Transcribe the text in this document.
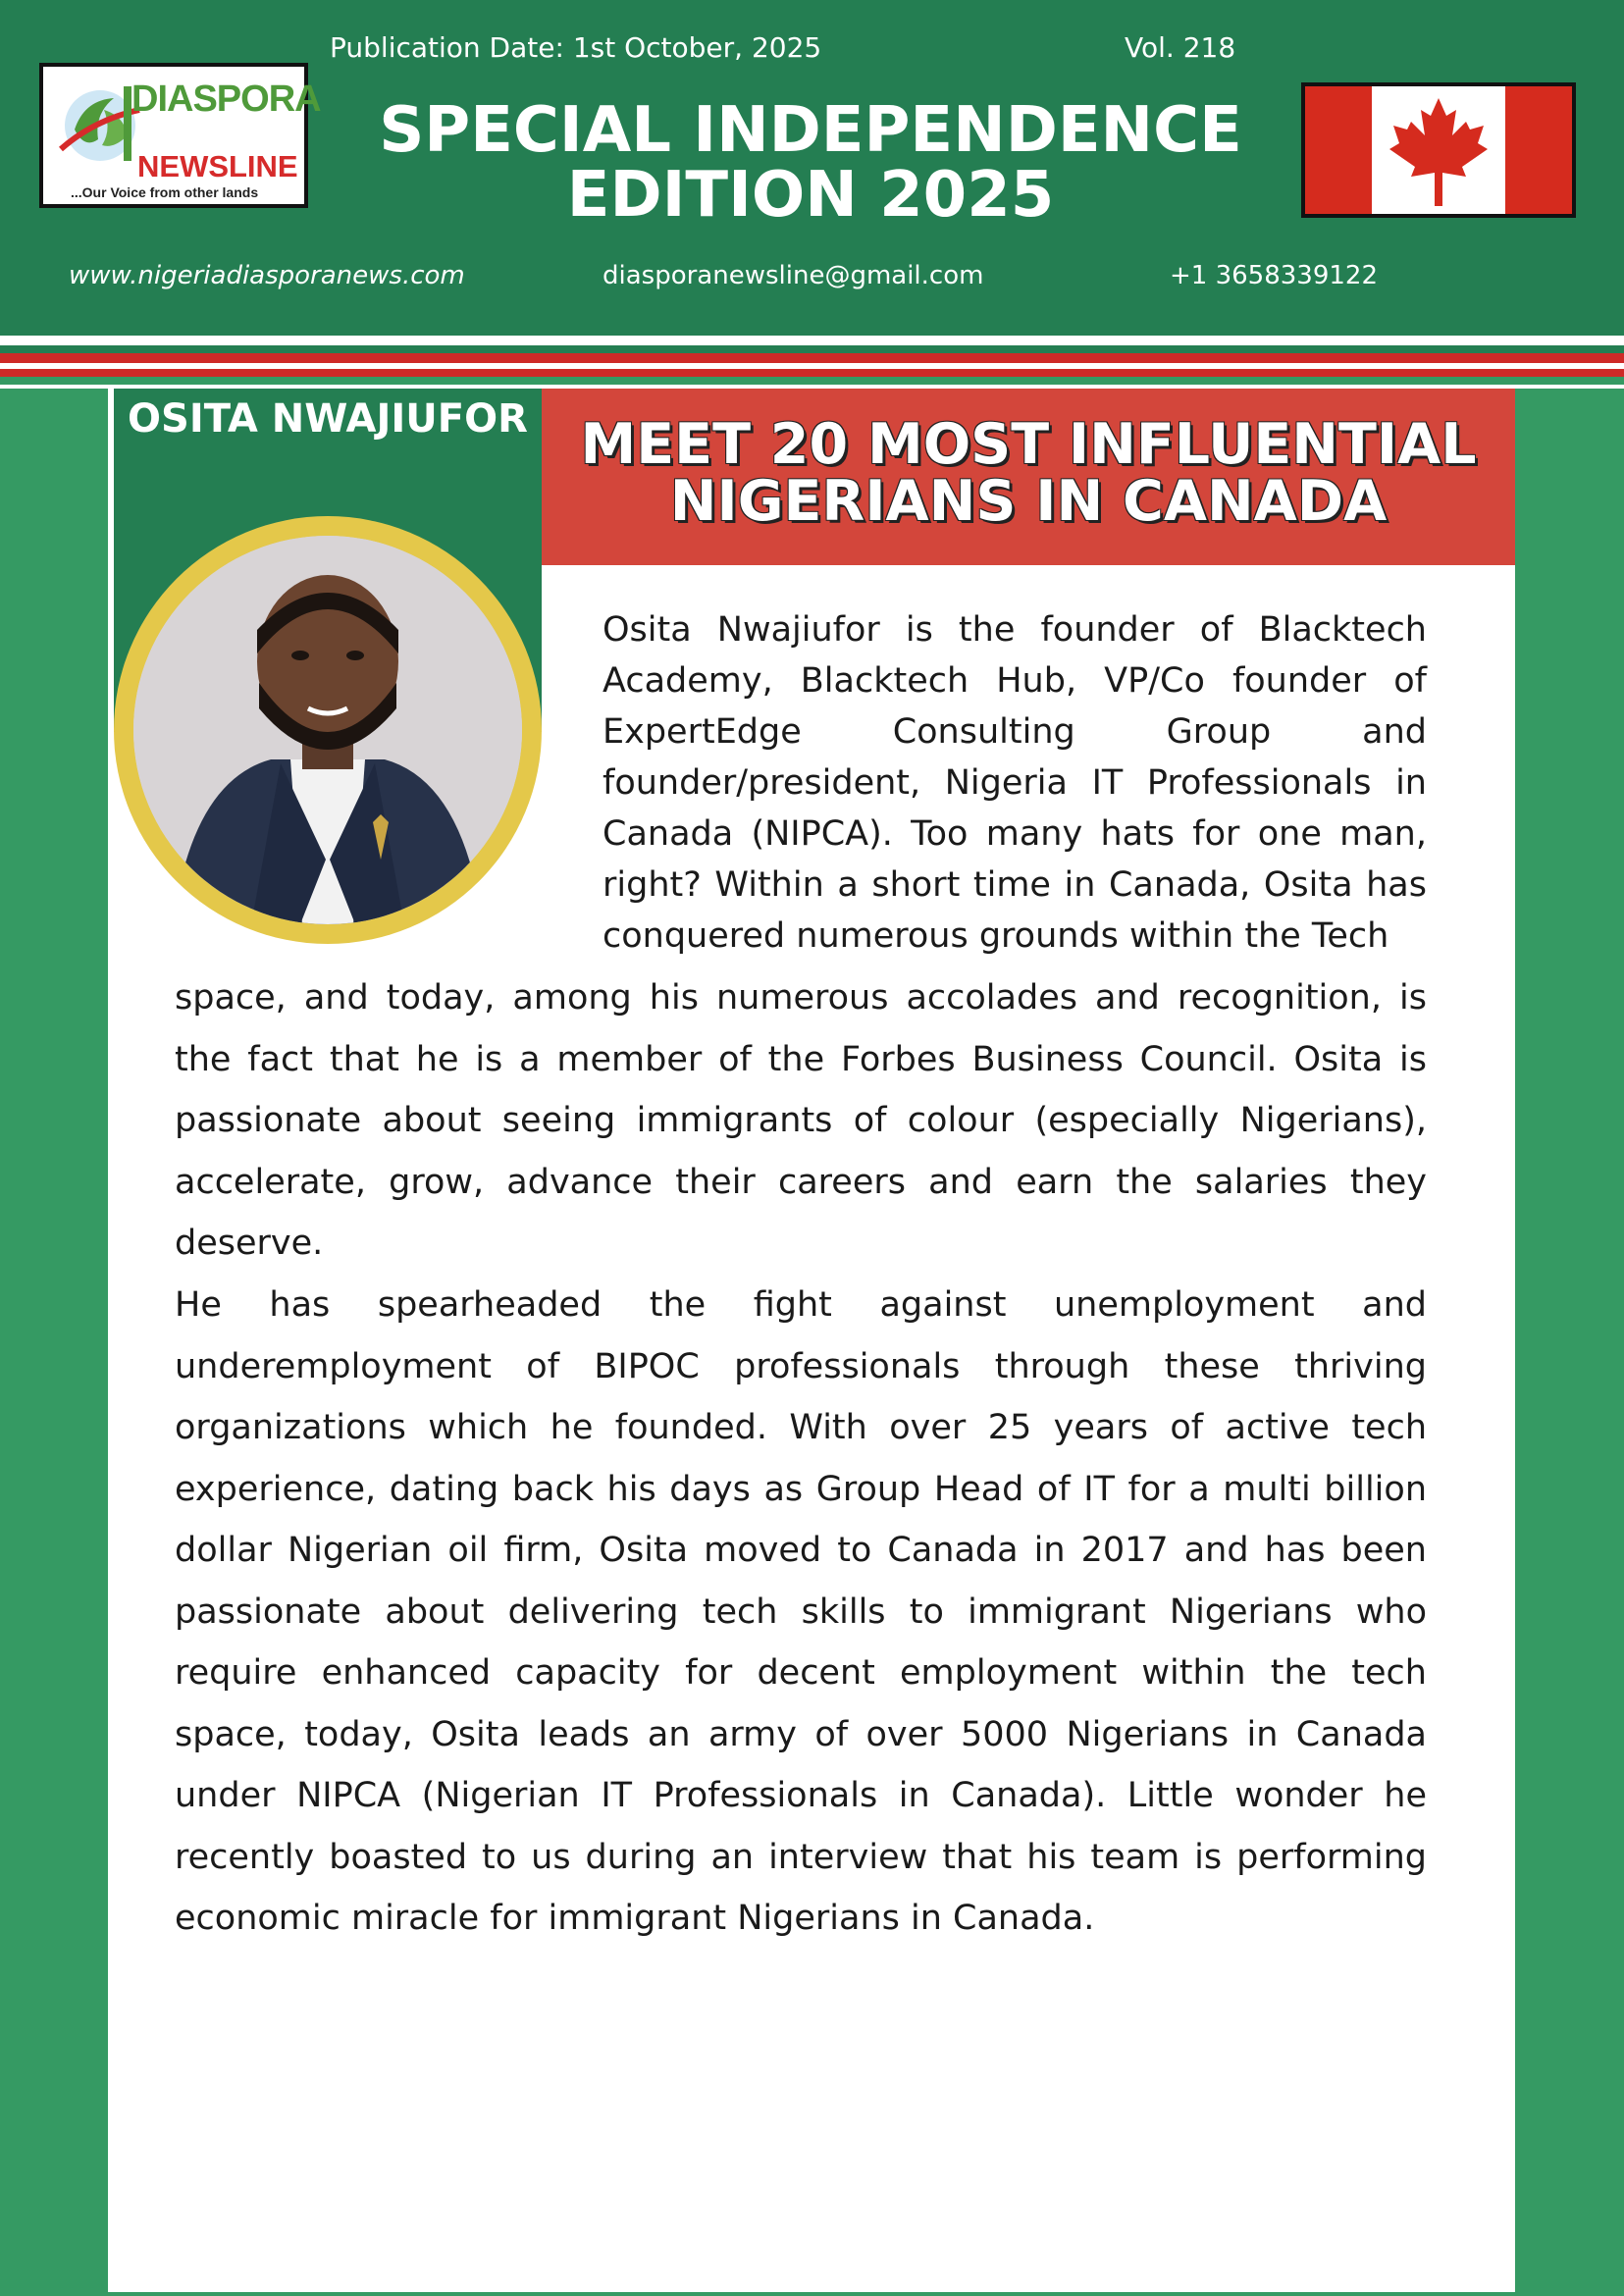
Publication Date: 1st October, 2025	Vol. 218
DIASPORA
NEWSLINE
...Our Voice from other lands
SPECIAL INDEPENDENCE
EDITION 2025
www.nigeriadiasporanews.com	diasporanewsline@gmail.com	+1 3658339122
OSITA NWAJIUFOR MEET 20 MOST INFLUENTIAL
NIGERIANS IN CANADA
Osita Nwajiufor is the founder of Blacktech Academy, Blacktech Hub, VP/Co founder of ExpertEdge Consulting Group and founder/president, Nigeria IT Professionals in Canada (NIPCA). Too many hats for one man, right? Within a short time in Canada, Osita has conquered numerous grounds within the Tech
space, and today, among his numerous accolades and recognition, is the fact that he is a member of the Forbes Business Council. Osita is passionate about seeing immigrants of colour (especially Nigerians), accelerate, grow, advance their careers and earn the salaries they deserve.
He has spearheaded the fight against unemployment and underemployment of BIPOC professionals through these thriving organizations which he founded. With over 25 years of active tech experience, dating back his days as Group Head of IT for a multi billion dollar Nigerian oil firm, Osita moved to Canada in 2017 and has been passionate about delivering tech skills to immigrant Nigerians who require enhanced capacity for decent employment within the tech space, today, Osita leads an army of over 5000 Nigerians in Canada under NIPCA (Nigerian IT Professionals in Canada). Little wonder he recently boasted to us during an interview that his team is performing economic miracle for immigrant Nigerians in Canada.
